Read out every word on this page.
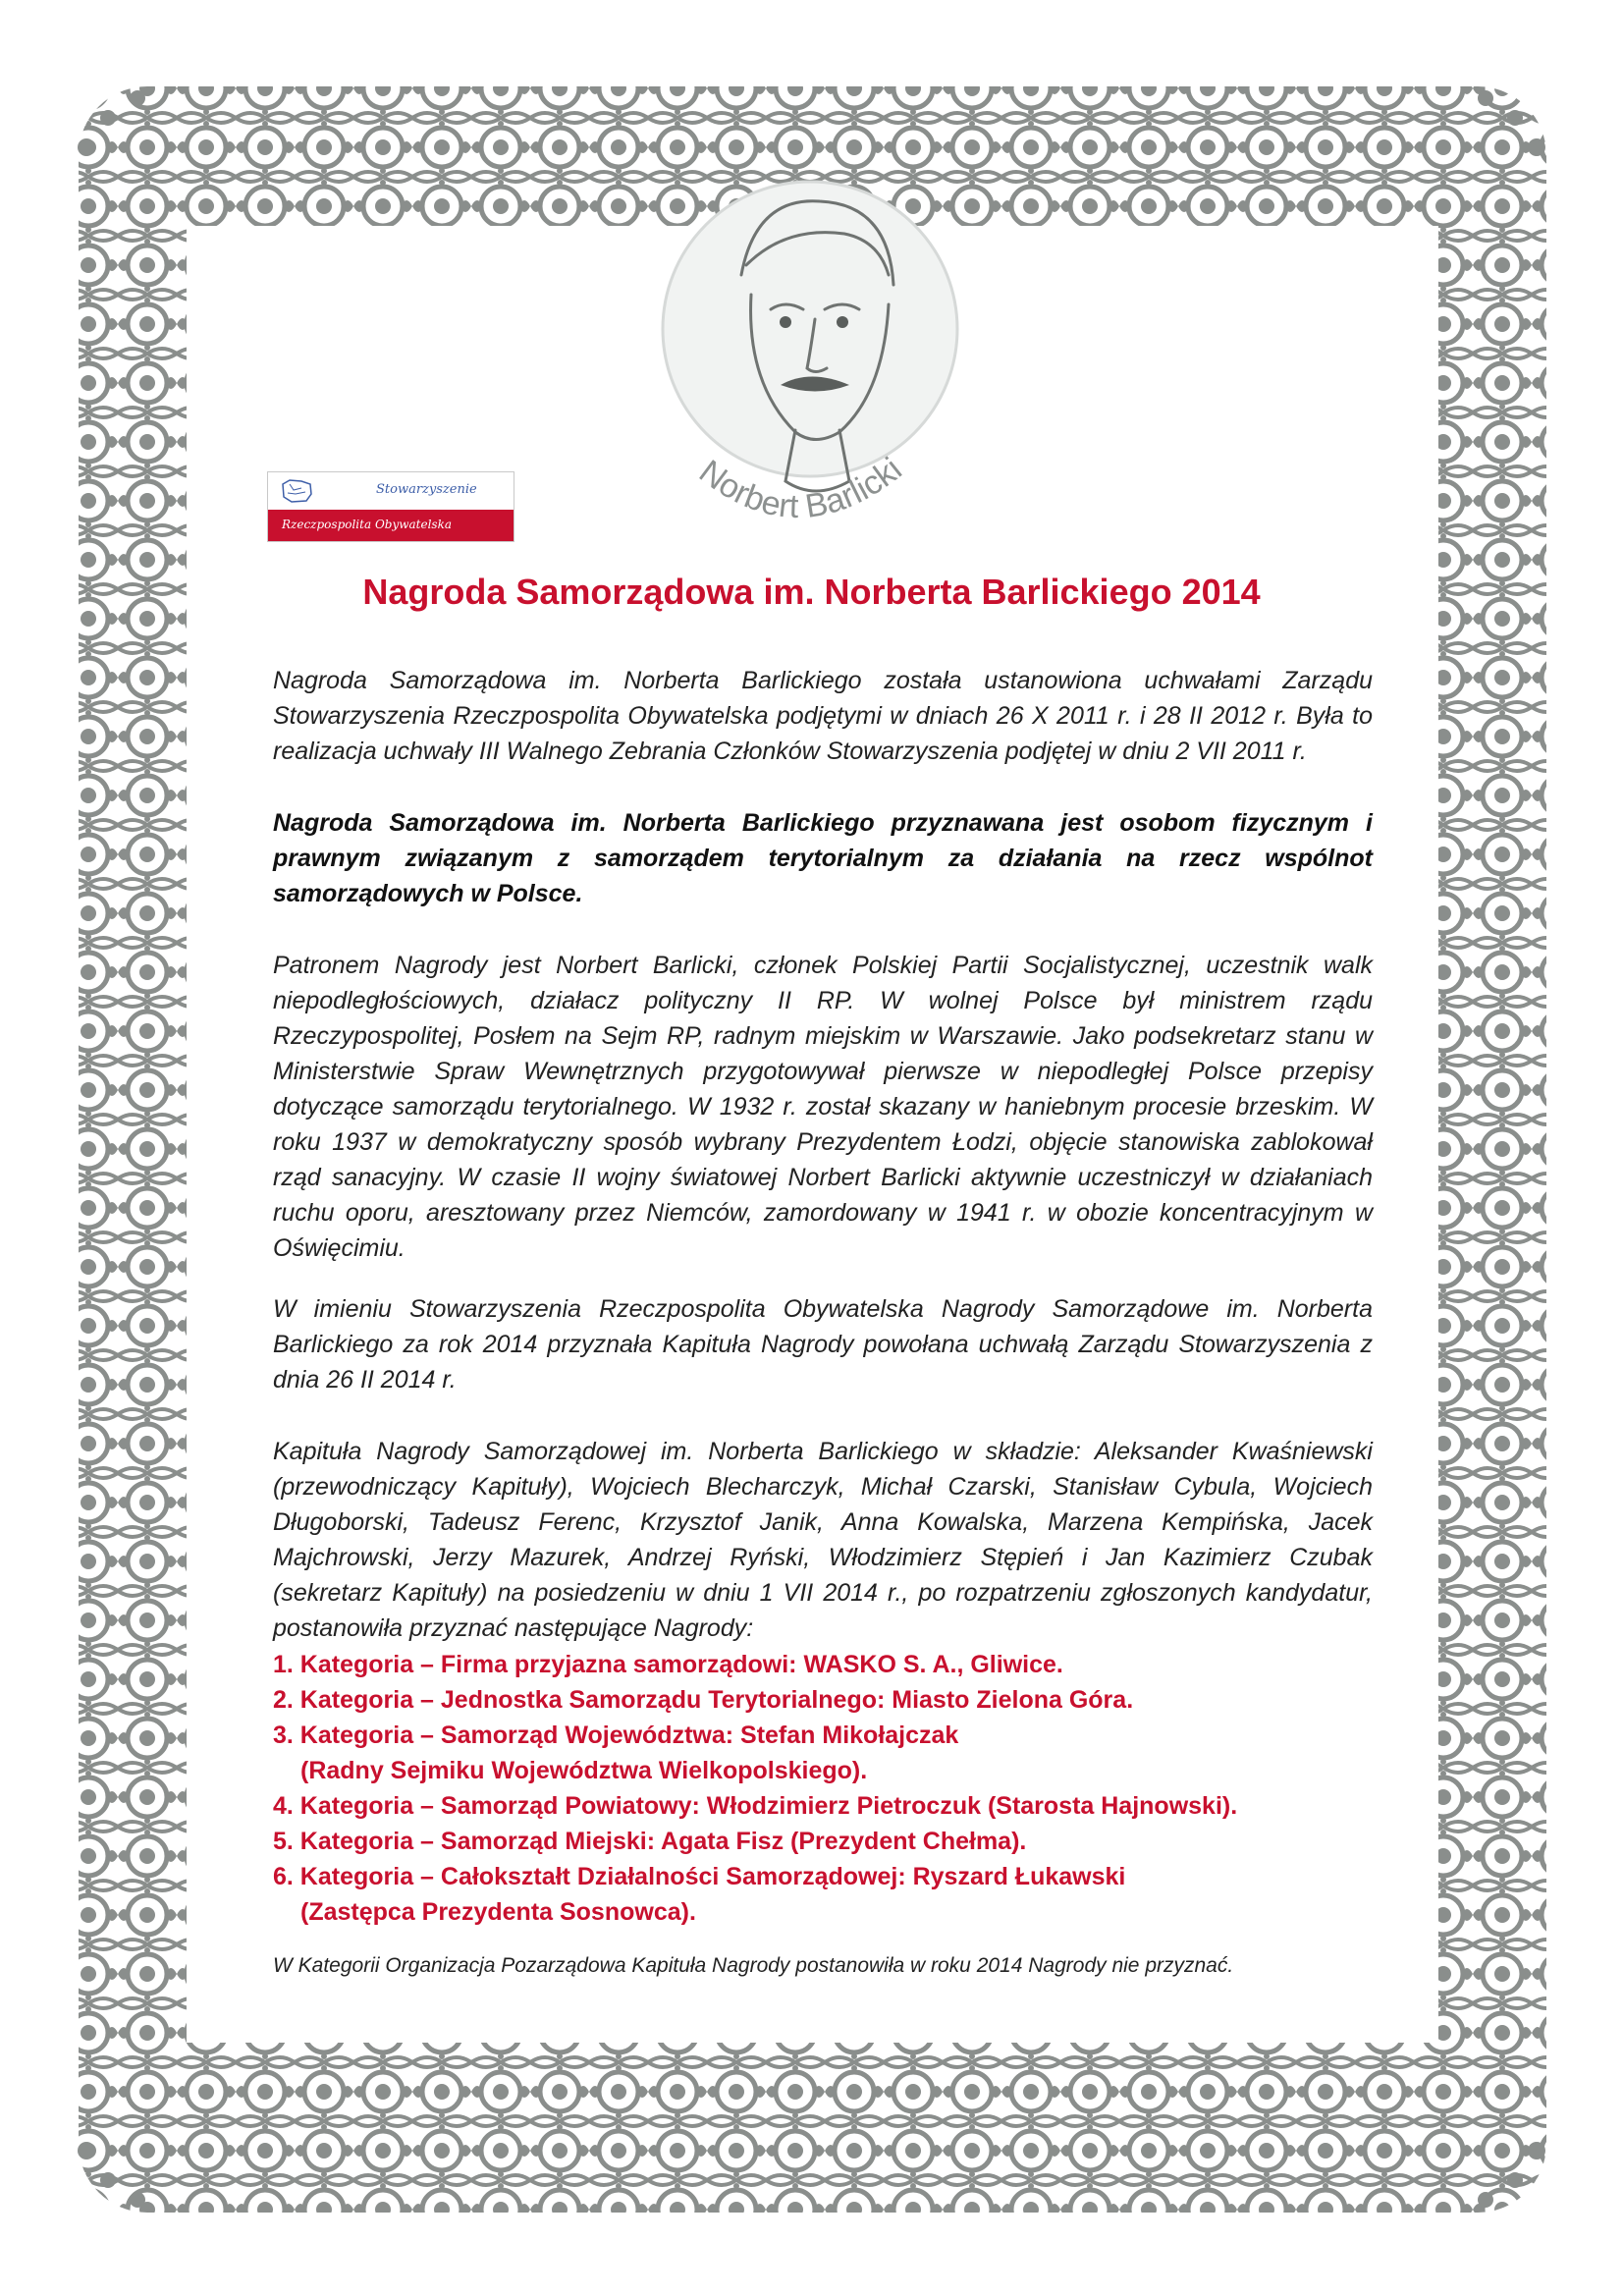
Norbert Barlicki
Stowarzyszenie
Rzeczpospolita Obywatelska
Nagroda Samorządowa im. Norberta Barlickiego 2014

Nagroda Samorządowa im. Norberta Barlickiego została ustanowiona uchwałami Zarządu Stowarzyszenia Rzeczpospolita Obywatelska podjętymi w dniach 26 X 2011 r. i 28 II 2012 r. Była to realizacja uchwały III Walnego Zebrania Członków Stowarzyszenia podjętej w dniu 2 VII 2011 r.

Nagroda Samorządowa im. Norberta Barlickiego przyznawana jest osobom fizycznym i prawnym związanym z samorządem terytorialnym za działania na rzecz wspólnot samorządowych w Polsce.

Patronem Nagrody jest Norbert Barlicki, członek Polskiej Partii Socjalistycznej, uczestnik walk niepodległościowych, działacz polityczny II RP. W wolnej Polsce był ministrem rządu Rzeczypospolitej, Posłem na Sejm RP, radnym miejskim w Warszawie. Jako podsekretarz stanu w Ministerstwie Spraw Wewnętrznych przygotowywał pierwsze w niepodległej Polsce przepisy dotyczące samorządu terytorialnego. W 1932 r. został skazany w haniebnym procesie brzeskim. W roku 1937 w demokratyczny sposób wybrany Prezydentem Łodzi, objęcie stanowiska zablokował rząd sanacyjny. W czasie II wojny światowej Norbert Barlicki aktywnie uczestniczył w działaniach ruchu oporu, aresztowany przez Niemców, zamordowany w 1941 r. w obozie koncentracyjnym w Oświęcimiu.

W imieniu Stowarzyszenia Rzeczpospolita Obywatelska Nagrody Samorządowe im. Norberta Barlickiego za rok 2014 przyznała Kapituła Nagrody powołana uchwałą Zarządu Stowarzyszenia z dnia 26 II 2014 r.

Kapituła Nagrody Samorządowej im. Norberta Barlickiego w składzie: Aleksander Kwaśniewski (przewodniczący Kapituły), Wojciech Blecharczyk, Michał Czarski, Stanisław Cybula, Wojciech Długoborski, Tadeusz Ferenc, Krzysztof Janik, Anna Kowalska, Marzena Kempińska, Jacek Majchrowski, Jerzy Mazurek, Andrzej Ryński, Włodzimierz Stępień i Jan Kazimierz Czubak (sekretarz Kapituły) na posiedzeniu w dniu 1 VII 2014 r., po rozpatrzeniu zgłoszonych kandydatur, postanowiła przyznać następujące Nagrody:

1. Kategoria – Firma przyjazna samorządowi: WASKO S. A., Gliwice.

2. Kategoria – Jednostka Samorządu Terytorialnego: Miasto Zielona Góra.

3. Kategoria – Samorząd Województwa: Stefan Mikołajczak
(Radny Sejmiku Województwa Wielkopolskiego).

4. Kategoria – Samorząd Powiatowy: Włodzimierz Pietroczuk (Starosta Hajnowski).

5. Kategoria – Samorząd Miejski: Agata Fisz (Prezydent Chełma).

6. Kategoria – Całokształt Działalności Samorządowej: Ryszard Łukawski
(Zastępca Prezydenta Sosnowca).

W Kategorii Organizacja Pozarządowa Kapituła Nagrody postanowiła w roku 2014 Nagrody nie przyznać.
